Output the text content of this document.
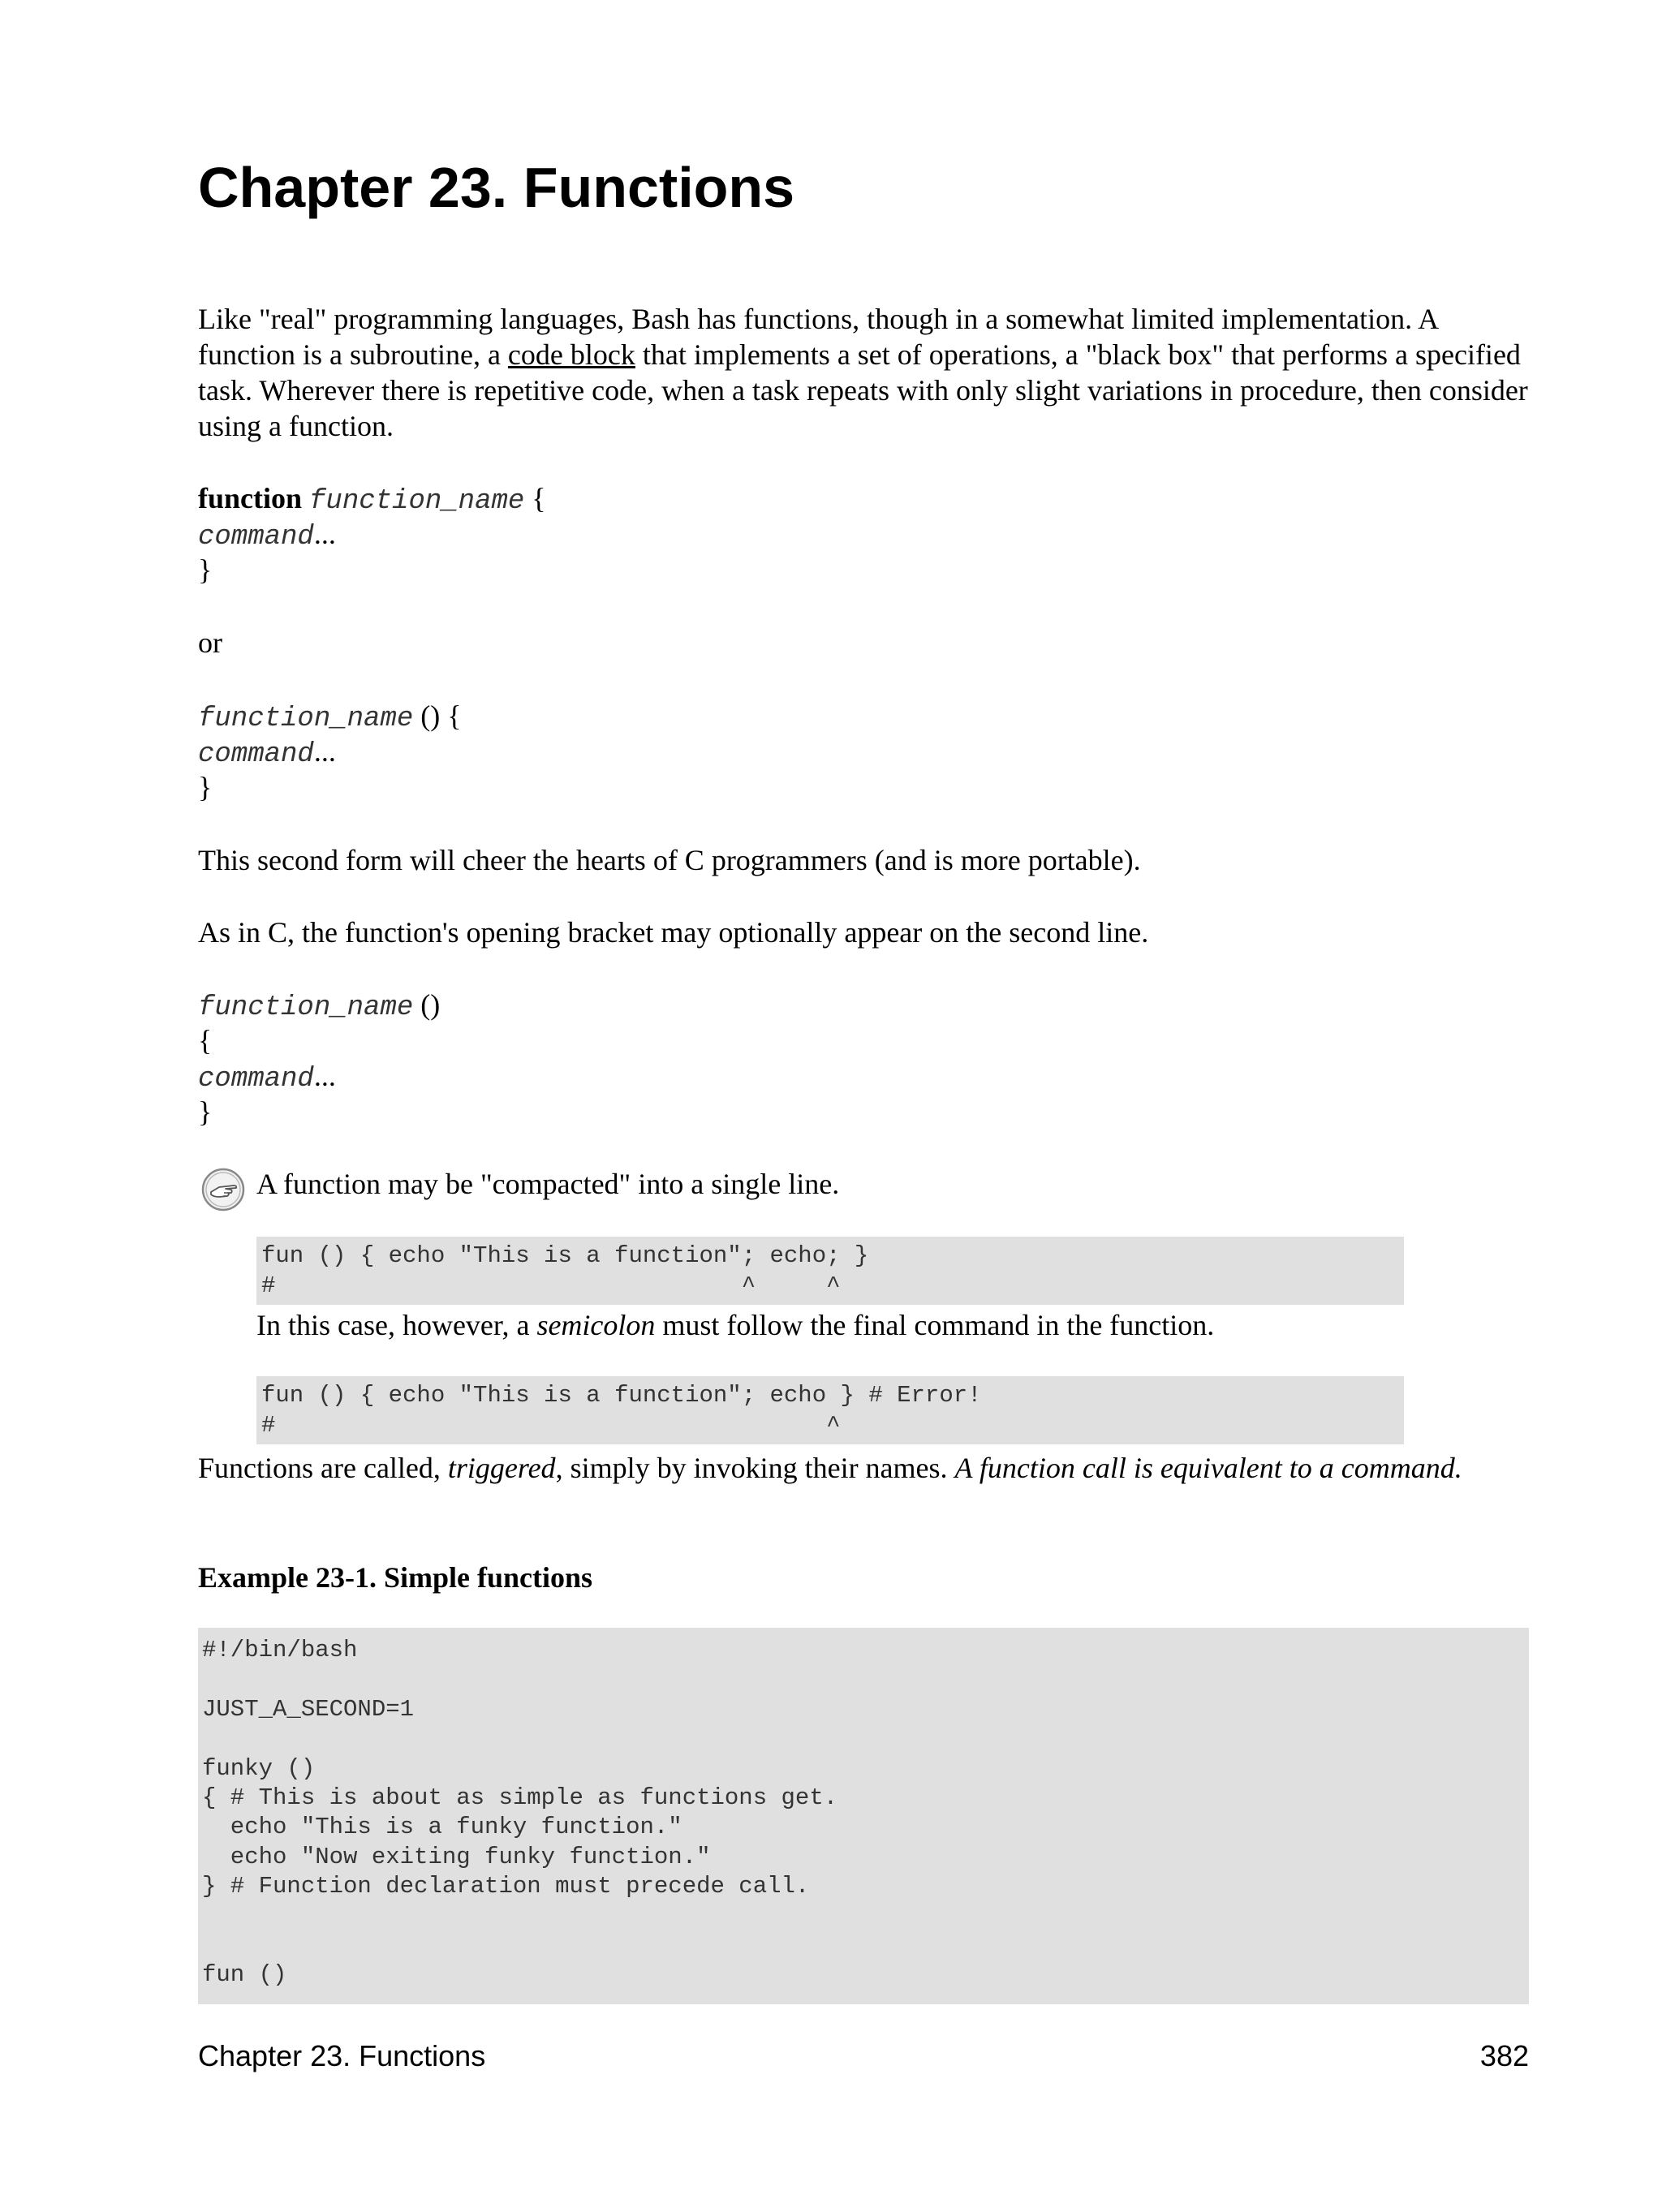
Chapter 23. Functions

Like "real" programming languages, Bash has functions, though in a somewhat limited implementation. A function is a subroutine, a code block that implements a set of operations, a "black box" that performs a specified task. Wherever there is repetitive code, when a task repeats with only slight variations in procedure, then consider using a function.

function function_name {
command...
}
or
function_name () {
command...
}
This second form will cheer the hearts of C programmers (and is more portable).
As in C, the function's opening bracket may optionally appear on the second line.
function_name ()
{
command...
}
A function may be "compacted" into a single line.
fun () { echo "This is a function"; echo; }
#                                 ^     ^
In this case, however, a semicolon must follow the final command in the function.
fun () { echo "This is a function"; echo } # Error!
#                                       ^
Functions are called, triggered, simply by invoking their names. A function call is equivalent to a command.
Example 23-1. Simple functions
#!/bin/bash

JUST_A_SECOND=1

funky ()
{ # This is about as simple as functions get.
echo "This is a funky function."
echo "Now exiting funky function."
} # Function declaration must precede call.

fun ()
Chapter 23. Functions	382
